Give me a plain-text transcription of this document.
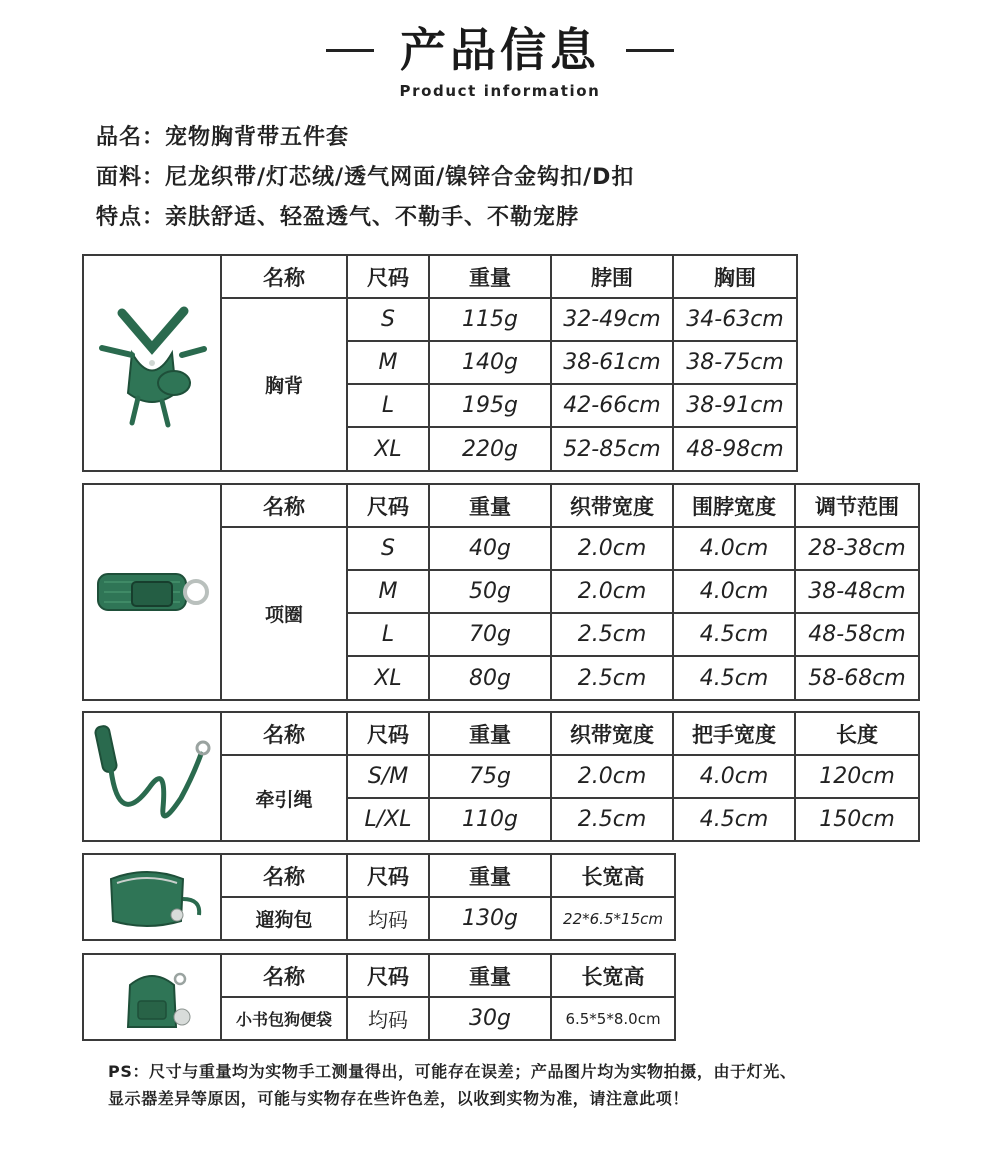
产品信息
Product information
品名：宠物胸背带五件套
面料：尼龙织带/灯芯绒/透气网面/镍锌合金钩扣/D扣
特点：亲肤舒适、轻盈透气、不勒手、不勒宠脖
	名称	尺码	重量	脖围	胸围
	胸背	S	115g	32-49cm	34-63cm
		M	140g	38-61cm	38-75cm
		L	195g	42-66cm	38-91cm
		XL	220g	52-85cm	48-98cm
	名称	尺码	重量	织带宽度	围脖宽度	调节范围
	项圈	S	40g	2.0cm	4.0cm	28-38cm
		M	50g	2.0cm	4.0cm	38-48cm
		L	70g	2.5cm	4.5cm	48-58cm
		XL	80g	2.5cm	4.5cm	58-68cm
	名称	尺码	重量	织带宽度	把手宽度	长度
	牵引绳	S/M	75g	2.0cm	4.0cm	120cm
		L/XL	110g	2.5cm	4.5cm	150cm
	名称	尺码	重量	长宽高
	遛狗包	均码	130g	22*6.5*15cm
	名称	尺码	重量	长宽高
	小书包狗便袋	均码	30g	6.5*5*8.0cm
PS：尺寸与重量均为实物手工测量得出，可能存在误差；产品图片均为实物拍摄，由于灯光、
显示器差异等原因，可能与实物存在些许色差，以收到实物为准，请注意此项！
